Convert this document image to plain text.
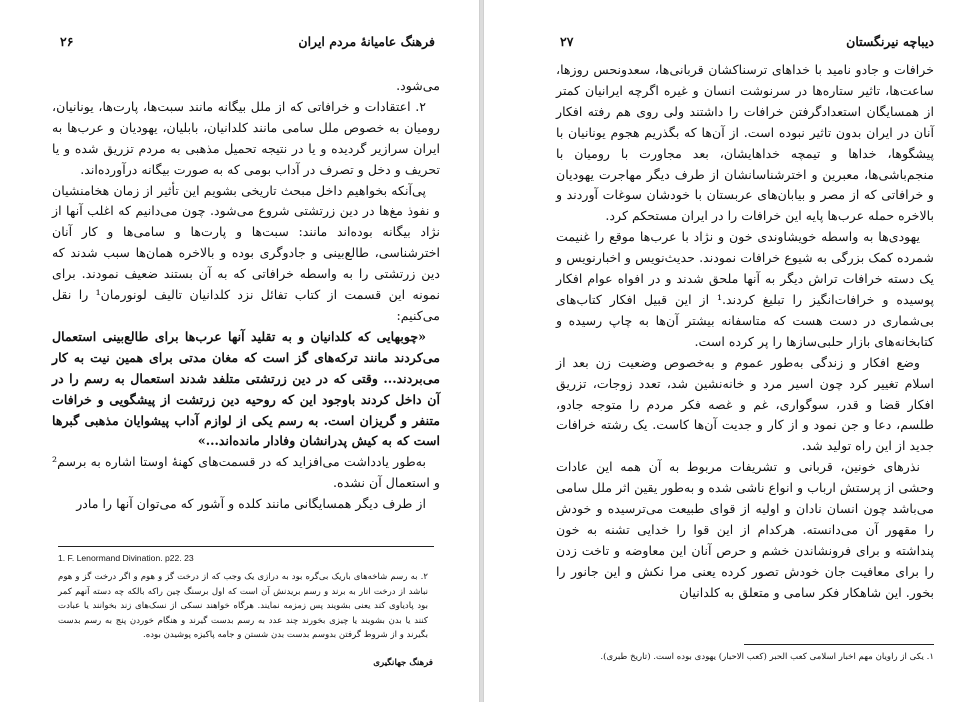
۲۶	فرهنگ عامیانهٔ مردم ایران

می‌شود.

۲. اعتقادات و خرافاتی که از ملل بیگانه مانند سبت‌ها، پارت‌ها، یونانیان، رومیان به خصوص ملل سامی مانند کلدانیان، بابلیان، یهودیان و عرب‌ها به ایران سرازیر گردیده و یا در نتیجه تحمیل مذهبی به مردم تزریق شده و یا تحریف و دخل و تصرف در آداب بومی که به صورت بیگانه درآورده‌اند.

پی‌آنکه بخواهیم داخل مبحث تاریخی بشویم این تأثیر از زمان هخامنشیان و نفوذ مغ‌ها در دین زرتشتی شروع می‌شود. چون می‌دانیم که اغلب آنها از نژاد بیگانه بوده‌اند مانند: سبت‌ها و پارت‌ها و سامی‌ها و کار آنان اخترشناسی، طالع‌بینی و جادوگری بوده و بالاخره همان‌ها سبب شدند که دین زرتشتی را به واسطه خرافاتی که به آن بستند ضعیف نمودند. برای نمونه این قسمت از کتاب تفائل نزد کلدانیان تالیف لونورمان¹ را نقل می‌کنیم:

«چوبهایی که کلدانیان و به تقلید آنها عرب‌ها برای طالع‌بینی استعمال می‌کردند مانند ترکه‌های گز است که مغان مدتی برای همین نیت به کار می‌بردند... وقتی که در دین زرتشتی متلفد شدند استعمال به رسم را در آن داخل کردند باوجود این که روحیه دین زرتشت از پیشگویی و خرافات متنفر و گریزان است. به رسم یکی از لوازم آداب پیشوایان مذهبی گبرها است که به کیش پدرانشان وفادار مانده‌اند...»

به‌طور یادداشت می‌افزاید که در قسمت‌های کهنهٔ اوستا اشاره به برسم² و استعمال آن نشده.

از طرف دیگر همسایگانی مانند کلده و آشور که می‌توان آنها را مادر

1. F. Lenormand Divination. p22. 23
۲. به رسم شاخه‌های باریک بی‌گره بود به درازی یک وجب که از درخت گز و هوم و اگر درخت گز و هوم نباشد از درخت انار به برند و رسم بریدنش آن است که اول برسنگ چین راکه بالکه چه دسته آنهم کمر بود پادیاوی کند یعنی بشویند پس زمزمه نمایند. هرگاه خواهند نسکی از نسک‌های زند بخوانند یا عبادت کنند یا بدن بشویند یا چیزی بخورند چند عدد به رسم بدست گیرند و هنگام خوردن پنج به رسم بدست بگیرند و از شروط گرفتن بدوسم بدست بدن شستن و جامه پاکیزه پوشیدن بوده.
فرهنگ جهانگیری
۲۷	دیباچه نیرنگستان

خرافات و جادو نامید با خداهای ترسناکشان قربانی‌ها، سعدونحس روزها، ساعت‌ها، تاثیر ستاره‌ها در سرنوشت انسان و غیره اگرچه ایرانیان کمتر از همسایگان استعدادگرفتن خرافات را داشتند ولی روی هم رفته افکار آنان در ایران بدون تاثیر نبوده است. از آن‌ها که بگذریم هجوم یونانیان با پیشگوها، خداها و تیمچه خداهایشان، بعد مجاورت با رومیان با منجم‌باشی‌ها، معبرین و اخترشناسانشان از طرف دیگر مهاجرت یهودیان و خرافاتی که از مصر و بیابان‌های عربستان با خودشان سوغات آوردند و بالاخره حمله عرب‌ها پایه این خرافات را در ایران مستحکم کرد.

یهودی‌ها به واسطه خویشاوندی خون و نژاد با عرب‌ها موقع را غنیمت شمرده کمک بزرگی به شیوع خرافات نمودند. حدیث‌نویس و اخبارنویس و یک دسته خرافات تراش دیگر به آنها ملحق شدند و در افواه عوام افکار پوسیده و خرافات‌انگیز را تبلیغ کردند.¹ از این قبیل افکار کتاب‌های بی‌شماری در دست هست که متاسفانه بیشتر آن‌ها به چاپ رسیده و کتابخانه‌های بازار حلبی‌سازها را پر کرده است.

وضع افکار و زندگی به‌طور عموم و به‌خصوص وضعیت زن بعد از اسلام تغییر کرد چون اسیر مرد و خانه‌نشین شد، تعدد زوجات، تزریق افکار قضا و قدر، سوگواری، غم و غصه فکر مردم را متوجه جادو، طلسم، دعا و جن نمود و از کار و جدیت آن‌ها کاست. یک رشته خرافات جدید از این راه تولید شد.

نذرهای خونین، قربانی و تشریفات مربوط به آن همه این عادات وحشی از پرستش ارباب و انواع ناشی شده و به‌طور یقین اثر ملل سامی می‌باشد چون انسان نادان و اولیه از قوای طبیعت می‌ترسیده و خودش را مقهور آن می‌دانسته. هرکدام از این قوا را خدایی تشنه به خون پنداشته و برای فرونشاندن خشم و حرص آنان این معاوضه و تاخت زدن را برای معافیت جان خودش تصور کرده یعنی مرا نکش و این جانور را بخور. این شاهکار فکر سامی و متعلق به کلدانیان

۱. یکی از راویان مهم اخبار اسلامی کعب الحبر (کعب الاحبار) یهودی بوده است. (تاریخ طبری).
